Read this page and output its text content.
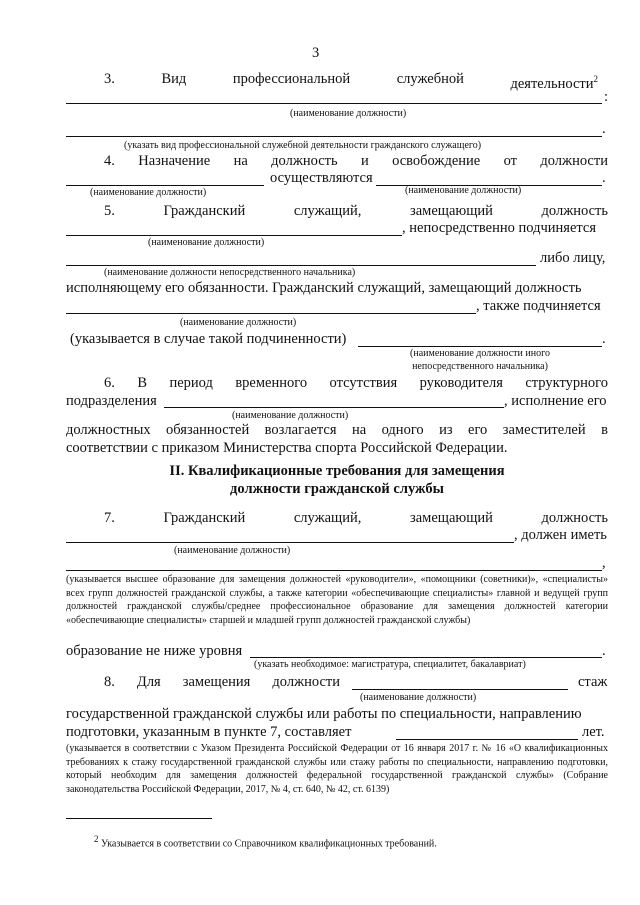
3
3.	Вид	профессиональной	служебной	деятельности$^2$
:
(наименование должности)
.
(указать вид профессиональной служебной деятельности гражданского служащего)
4. Назначение на должность и освобождение от должности
осуществляются	.
(наименование должности)	(наименование должности)
5.	Гражданский	служащий,	замещающий	должность
, непосредственно подчиняется
(наименование должности)
либо лицу,
(наименование должности непосредственного начальника)
исполняющему его обязанности. Гражданский служащий, замещающий должность
, также подчиняется
(наименование должности)
(указывается в случае такой подчиненности)	.
(наименование должности иного
непосредственного начальника)
6. В период временного отсутствия руководителя структурного
подразделения	, исполнение его
(наименование должности)
должностных обязанностей возлагается на одного из его заместителей в
соответствии с приказом Министерства спорта Российской Федерации.
II. Квалификационные требования для замещения
должности гражданской службы
7.	Гражданский	служащий,	замещающий	должность
, должен иметь
(наименование должности)
,
(указывается высшее образование для замещения должностей «руководители», «помощники (советники)», «специалисты» всех групп должностей гражданской службы, а также категории «обеспечивающие специалисты» главной и ведущей групп должностей гражданской службы/среднее профессиональное образование для замещения должностей категории «обеспечивающие специалисты» старшей и младшей групп должностей гражданской службы)
образование не ниже уровня	.
(указать необходимое: магистратура, специалитет, бакалавриат)
8. Для замещения должности	стаж
(наименование должности)
государственной гражданской службы или работы по специальности, направлению
подготовки, указанным в пункте 7, составляет	лет.
(указывается в соответствии с Указом Президента Российской Федерации от 16 января 2017 г. № 16 «О квалификационных требованиях к стажу государственной гражданской службы или стажу работы по специальности, направлению подготовки, который необходим для замещения должностей федеральной государственной гражданской службы» (Собрание законодательства Российской Федерации, 2017, № 4, ст. 640, № 42, ст. 6139)
$^2$ Указывается в соответствии со Справочником квалификационных требований.
